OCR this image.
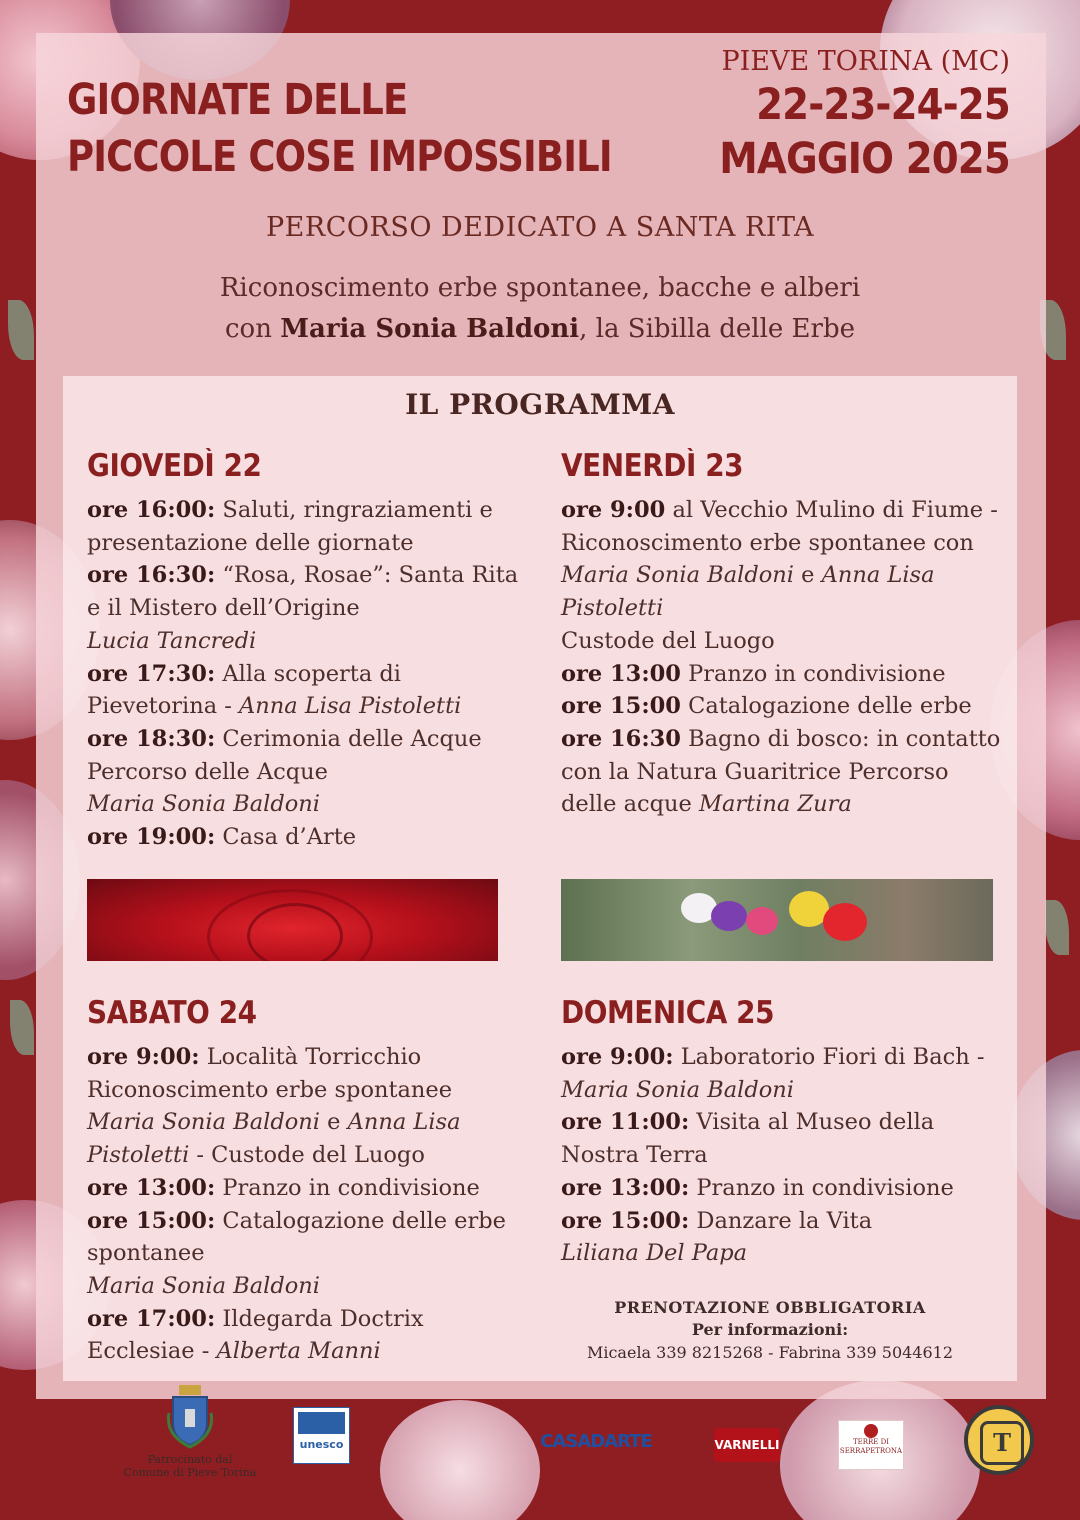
GIORNATE DELLE
PICCOLE COSE IMPOSSIBILI
PIEVE TORINA (MC)
22-23-24-25
MAGGIO 2025
PERCORSO DEDICATO A SANTA RITA
Riconoscimento erbe spontanee, bacche e alberi
con Maria Sonia Baldoni, la Sibilla delle Erbe
IL PROGRAMMA
GIOVEDÌ 22

ore 16:00: Saluti, ringraziamenti e presentazione delle giornate

ore 16:30: “Rosa, Rosae”: Santa Rita e il Mistero dell’Origine
Lucia Tancredi

ore 17:30: Alla scoperta di Pievetorina - Anna Lisa Pistoletti

ore 18:30: Cerimonia delle Acque Percorso delle Acque
Maria Sonia Baldoni

ore 19:00: Casa d’Arte

VENERDÌ 23

ore 9:00 al Vecchio Mulino di Fiume - Riconoscimento erbe spontanee con Maria Sonia Baldoni e Anna Lisa Pistoletti
Custode del Luogo

ore 13:00 Pranzo in condivisione

ore 15:00 Catalogazione delle erbe

ore 16:30 Bagno di bosco: in contatto con la Natura Guaritrice Percorso delle acque Martina Zura

SABATO 24

ore 9:00: Località Torricchio Riconoscimento erbe spontanee
Maria Sonia Baldoni e Anna Lisa Pistoletti - Custode del Luogo

ore 13:00: Pranzo in condivisione

ore 15:00: Catalogazione delle erbe spontanee
Maria Sonia Baldoni

ore 17:00: Ildegarda Doctrix Ecclesiae - Alberta Manni

DOMENICA 25

ore 9:00: Laboratorio Fiori di Bach - Maria Sonia Baldoni

ore 11:00: Visita al Museo della Nostra Terra

ore 13:00: Pranzo in condivisione

ore 15:00: Danzare la Vita
Liliana Del Papa

PRENOTAZIONE OBBLIGATORIA
Per informazioni:
Micaela 339 8215268 - Fabrina 339 5044612
Patrocinato dal
Comune di Pieve Torina
unesco	CASADARTE	VARNELLI	TERRE DI
SERRAPETRONA	T
